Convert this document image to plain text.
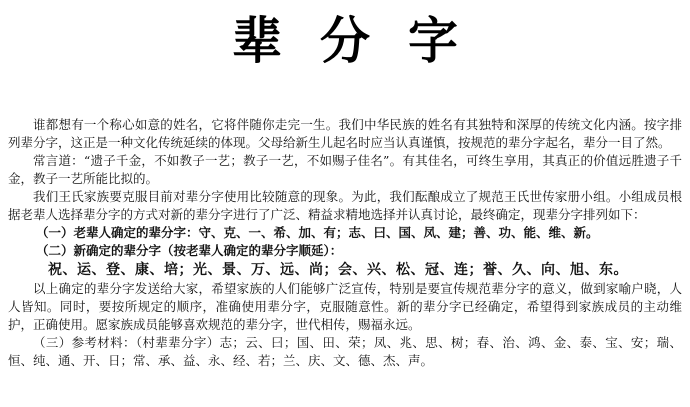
辈分字

谁都想有一个称心如意的姓名，它将伴随你走完一生。我们中华民族的姓名有其独特和深厚的传统文化内涵。按字排列辈分字，这正是一种文化传统延续的体现。父母给新生儿起名时应当认真谨慎，按规范的辈分字起名，辈分一目了然。

常言道：“遗子千金，不如教子一艺；教子一艺，不如赐子佳名”。有其佳名，可终生享用，其真正的价值远胜遗子千金，教子一艺所能比拟的。

我们王氏家族要克服目前对辈分字使用比较随意的现象。为此，我们酝酿成立了规范王氏世传家册小组。小组成员根据老辈人选择辈分字的方式对新的辈分字进行了广泛、精益求精地选择并认真讨论，最终确定，现辈分字排列如下：

（一）老辈人确定的辈分字：守、克、一、希、加、有；志、曰、国、凤、建；善、功、能、维、新。

（二）新确定的辈分字（按老辈人确定的辈分字顺延）：

祝、运、登、康、培；光、景、万、远、尚；会、兴、松、冠、连；誉、久、向、旭、东。

以上确定的辈分字发送给大家，希望家族的人们能够广泛宣传，特别是要宣传规范辈分字的意义，做到家喻户晓，人人皆知。同时，要按所规定的顺序，准确使用辈分字，克服随意性。新的辈分字已经确定，希望得到家族成员的主动维护，正确使用。愿家族成员能够喜欢规范的辈分字，世代相传，赐福永远。

（三）参考材料：（村辈辈分字）志；云、曰；国、田、荣；凤、兆、思、树；春、治、鸿、金、泰、宝、安；瑞、恒、纯、通、开、日；常、承、益、永、经、若；兰、庆、文、德、杰、声。
